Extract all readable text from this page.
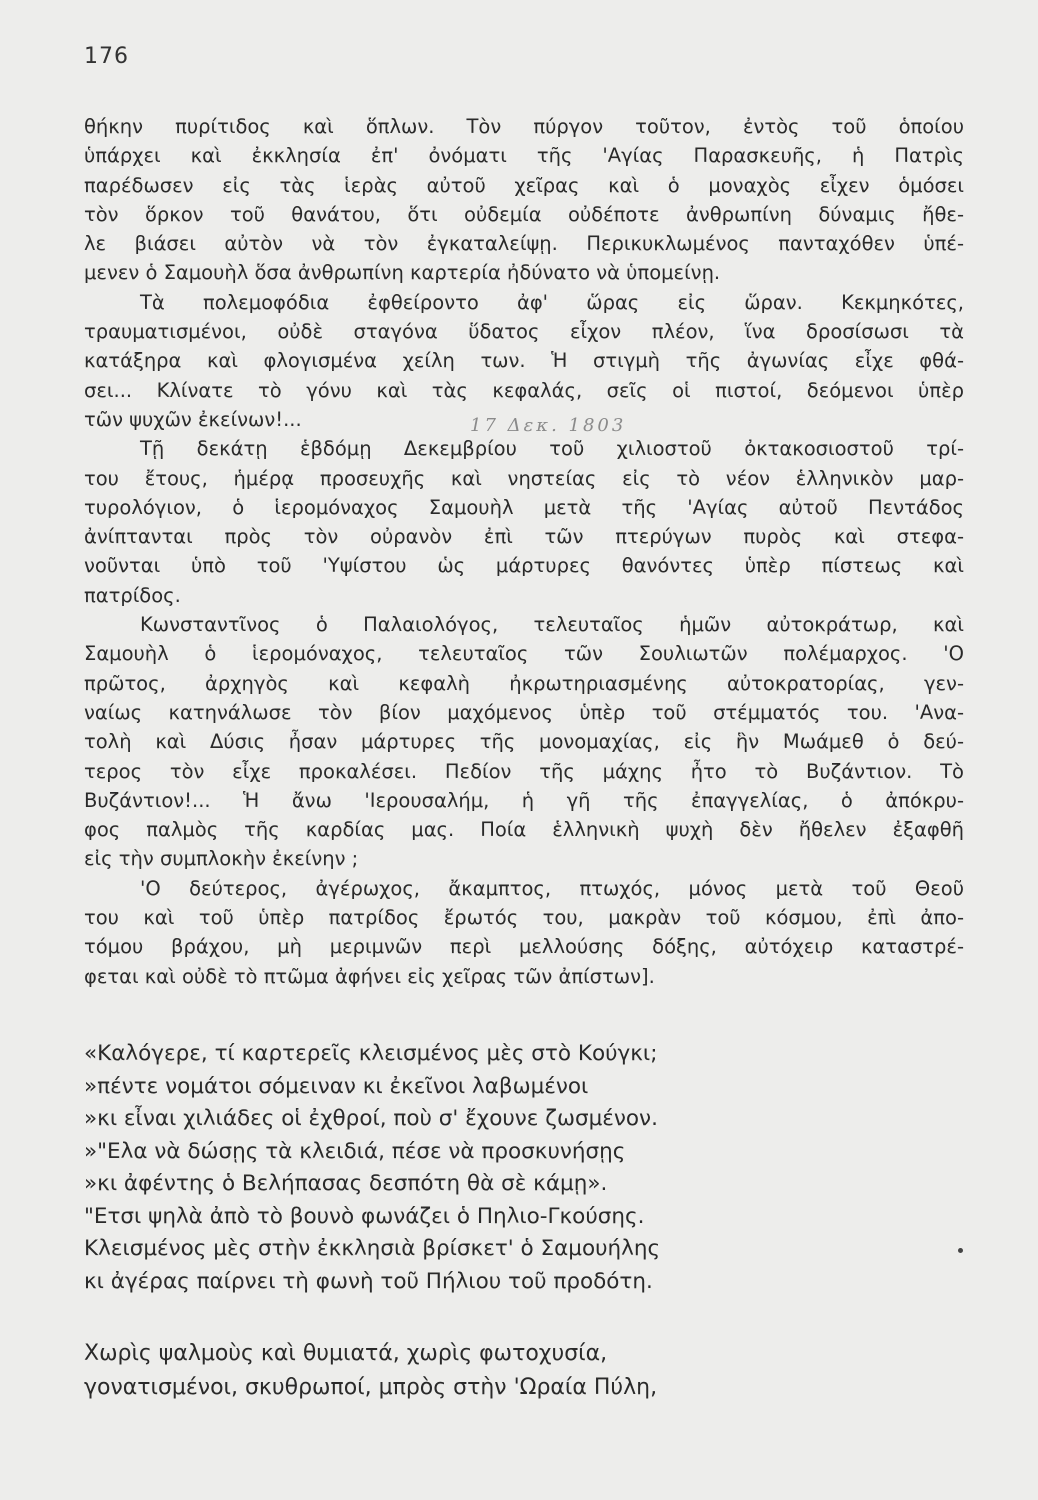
176
θήκην πυρίτιδος καὶ ὅπλων. Τὸν πύργον τοῦτον, ἐντὸς τοῦ ὁποίου
ὑπάρχει καὶ ἐκκλησία ἐπ' ὀνόματι τῆς 'Αγίας Παρασκευῆς, ἡ Πατρὶς
παρέδωσεν εἰς τὰς ἱερὰς αὐτοῦ χεῖρας καὶ ὁ μοναχὸς εἶχεν ὁμόσει
τὸν ὅρκον τοῦ θανάτου, ὅτι οὐδεμία οὐδέποτε ἀνθρωπίνη δύναμις ἤθε-
λε βιάσει αὐτὸν νὰ τὸν ἐγκαταλείψῃ. Περικυκλωμένος πανταχόθεν ὑπέ-
μενεν ὁ Σαμουὴλ ὅσα ἀνθρωπίνη καρτερία ἠδύνατο νὰ ὑπομείνῃ.
Τὰ πολεμοφόδια ἐφθείροντο ἀφ' ὥρας εἰς ὥραν. Κεκμηκότες,
τραυματισμένοι, οὐδὲ σταγόνα ὕδατος εἶχον πλέον, ἵνα δροσίσωσι τὰ
κατάξηρα καὶ φλογισμένα χείλη των. Ἡ στιγμὴ τῆς ἀγωνίας εἶχε φθά-
σει... Κλίνατε τὸ γόνυ καὶ τὰς κεφαλάς, σεῖς οἱ πιστοί, δεόμενοι ὑπὲρ
τῶν ψυχῶν ἐκείνων!...
Τῇ δεκάτῃ ἑβδόμῃ Δεκεμβρίου τοῦ χιλιοστοῦ ὀκτακοσιοστοῦ τρί-
του ἔτους, ἡμέρᾳ προσευχῆς καὶ νηστείας εἰς τὸ νέον ἑλληνικὸν μαρ-
τυρολόγιον, ὁ ἱερομόναχος Σαμουὴλ μετὰ τῆς 'Αγίας αὐτοῦ Πεντάδος
ἀνίπτανται πρὸς τὸν οὐρανὸν ἐπὶ τῶν πτερύγων πυρὸς καὶ στεφα-
νοῦνται ὑπὸ τοῦ 'Υψίστου ὡς μάρτυρες θανόντες ὑπὲρ πίστεως καὶ
πατρίδος.
Κωνσταντῖνος ὁ Παλαιολόγος, τελευταῖος ἡμῶν αὐτοκράτωρ, καὶ
Σαμουὴλ ὁ ἱερομόναχος, τελευταῖος τῶν Σουλιωτῶν πολέμαρχος. 'Ο
πρῶτος, ἀρχηγὸς καὶ κεφαλὴ ἠκρωτηριασμένης αὐτοκρατορίας, γεν-
ναίως κατηνάλωσε τὸν βίον μαχόμενος ὑπὲρ τοῦ στέμματός του. 'Ανα-
τολὴ καὶ Δύσις ἦσαν μάρτυρες τῆς μονομαχίας, εἰς ἣν Μωάμεθ ὁ δεύ-
τερος τὸν εἶχε προκαλέσει. Πεδίον τῆς μάχης ἦτο τὸ Βυζάντιον. Τὸ
Βυζάντιον!... Ἡ ἄνω 'Ιερουσαλήμ, ἡ γῆ τῆς ἐπαγγελίας, ὁ ἀπόκρυ-
φος παλμὸς τῆς καρδίας μας. Ποία ἑλληνικὴ ψυχὴ δὲν ἤθελεν ἐξαφθῆ
εἰς τὴν συμπλοκὴν ἐκείνην ;
'Ο δεύτερος, ἀγέρωχος, ἄκαμπτος, πτωχός, μόνος μετὰ τοῦ Θεοῦ
του καὶ τοῦ ὑπὲρ πατρίδος ἔρωτός του, μακρὰν τοῦ κόσμου, ἐπὶ ἀπο-
τόμου βράχου, μὴ μεριμνῶν περὶ μελλούσης δόξης, αὐτόχειρ καταστρέ-
φεται καὶ οὐδὲ τὸ πτῶμα ἀφήνει εἰς χεῖρας τῶν ἀπίστων].
17 Δεκ. 1803
«Καλόγερε, τί καρτερεῖς κλεισμένος μὲς στὸ Κούγκι;
»πέντε νομάτοι σόμειναν κι ἐκεῖνοι λαβωμένοι
»κι εἶναι χιλιάδες οἱ ἐχθροί, ποὺ σ' ἔχουνε ζωσμένον.
»"Ελα νὰ δώσῃς τὰ κλειδιά, πέσε νὰ προσκυνήσῃς
»κι ἀφέντης ὁ Βελήπασας δεσπότη θὰ σὲ κάμῃ».
"Ετσι ψηλὰ ἀπὸ τὸ βουνὸ φωνάζει ὁ Πηλιο-Γκούσης.
Κλεισμένος μὲς στὴν ἐκκλησιὰ βρίσκετ' ὁ Σαμουήλης
κι ἀγέρας παίρνει τὴ φωνὴ τοῦ Πήλιου τοῦ προδότη.
Χωρὶς ψαλμοὺς καὶ θυμιατά, χωρὶς φωτοχυσία,
γονατισμένοι, σκυθρωποί, μπρὸς στὴν 'Ωραία Πύλη,
